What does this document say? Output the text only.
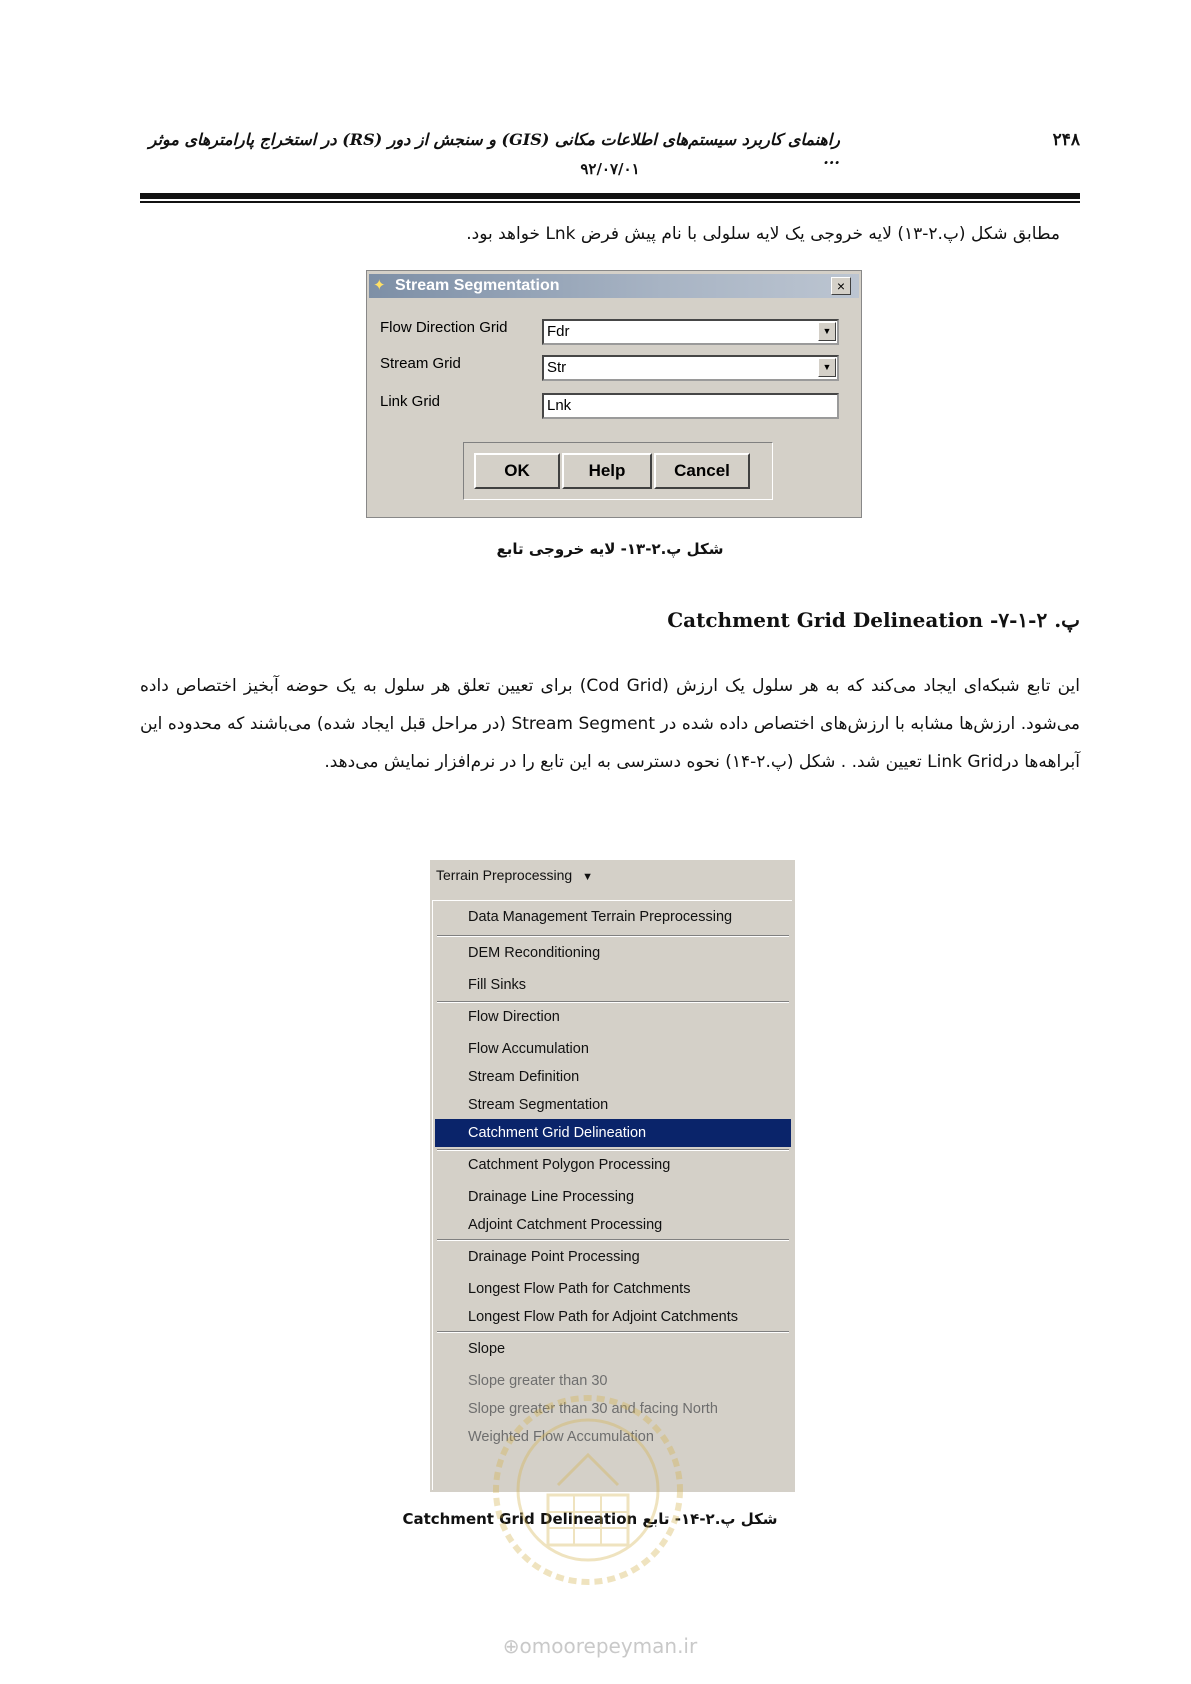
۲۴۸
راهنمای کاربرد سیستم‌های اطلاعات مکانی (GIS) و سنجش از دور (RS) در استخراج پارامترهای موثر ...
۹۲/۰۷/۰۱
مطابق شکل (پ.۲-۱۳) لایه خروجی یک لایه سلولی با نام پیش فرض Lnk خواهد بود.
✦ Stream Segmentation	×
Flow Direction Grid	Fdr	▼
Stream Grid	Str	▼
Link Grid	Lnk
OK	Help	Cancel
شکل پ.۲-۱۳- لایه خروجی تابع
پ. ۲-۱-۷- Catchment Grid Delineation
این تابع شبکه‌ای ایجاد می‌کند که به هر سلول یک ارزش (Cod Grid) برای تعیین تعلق هر سلول به یک حوضه آبخیز اختصاص داده می‌شود. ارزش‌ها مشابه با ارزش‌های اختصاص داده شده در Stream Segment (در مراحل قبل ایجاد شده) می‌باشند که محدوده این آبراهه‌ها درLink Grid تعیین شد. . شکل (پ.۲-۱۴) نحوه دسترسی به این تابع را در نرم‌افزار نمایش می‌دهد.
Terrain Preprocessing ▼
Data Management Terrain Preprocessing
DEM Reconditioning
Fill Sinks
Flow Direction
Flow Accumulation
Stream Definition
Stream Segmentation
Catchment Grid Delineation
Catchment Polygon Processing
Drainage Line Processing
Adjoint Catchment Processing
Drainage Point Processing
Longest Flow Path for Catchments
Longest Flow Path for Adjoint Catchments
Slope
Slope greater than 30
Slope greater than 30 and facing North
Weighted Flow Accumulation
شکل پ.۲-۱۴- تابع Catchment Grid Delineation
⊕omoorepeyman.ir
